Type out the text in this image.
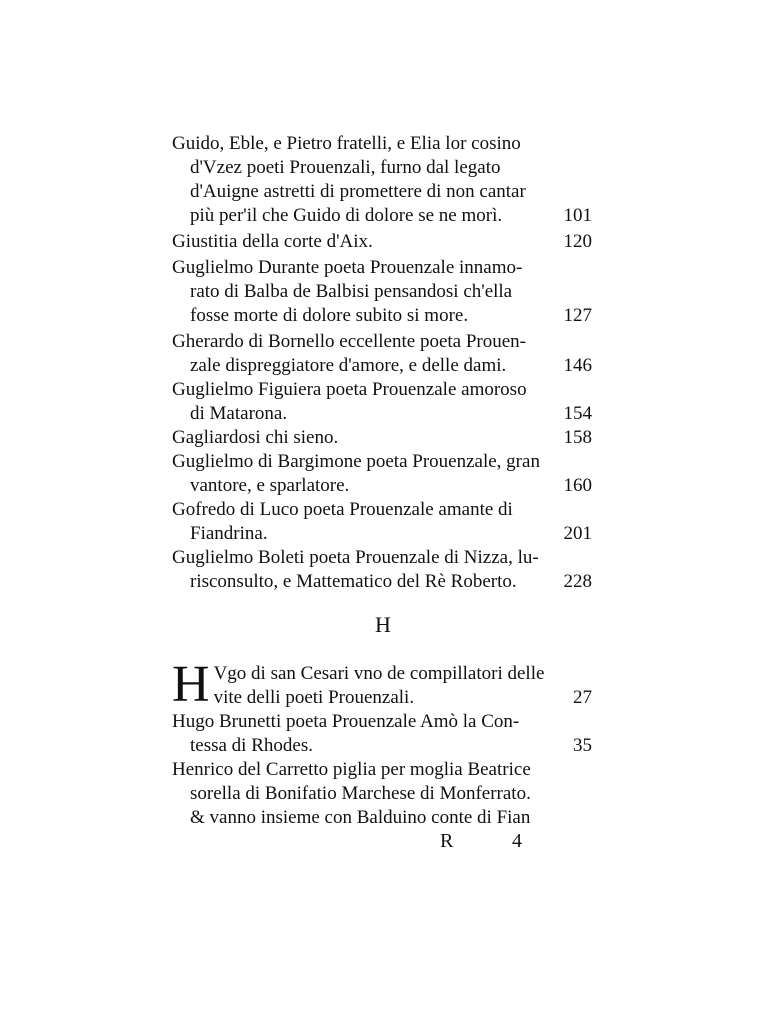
Guido, Eble, e Pietro fratelli, e Elia lor cosino
d'Vzez poeti Prouenzali, furno dal legato
d'Auigne astretti di promettere di non cantar
più per'il che Guido di dolore se ne morì.	101
Giustitia della corte d'Aix.	120
Guglielmo Durante poeta Prouenzale innamo-
rato di Balba de Balbisi pensandosi ch'ella
fosse morte di dolore subito si more.	127
Gherardo di Bornello eccellente poeta Prouen-
zale dispreggiatore d'amore, e delle dami.	146
Guglielmo Figuiera poeta Prouenzale amoroso
di Matarona.	154
Gagliardosi chi sieno.	158
Guglielmo di Bargimone poeta Prouenzale, gran
vantore, e sparlatore.	160
Gofredo di Luco poeta Prouenzale amante di
Fiandrina.	201
Guglielmo Boleti poeta Prouenzale di Nizza, lu-
risconsulto, e Mattematico del Rè Roberto. 228
H
H Vgo di san Cesari vno de compillatori delle
vite delli poeti Prouenzali.	27
Hugo Brunetti poeta Prouenzale Amò la Con-
tessa di Rhodes.	35
Henrico del Carretto piglia per moglia Beatrice
sorella di Bonifatio Marchese di Monferrato.
& vanno insieme con Balduino conte di Fian
R	4
